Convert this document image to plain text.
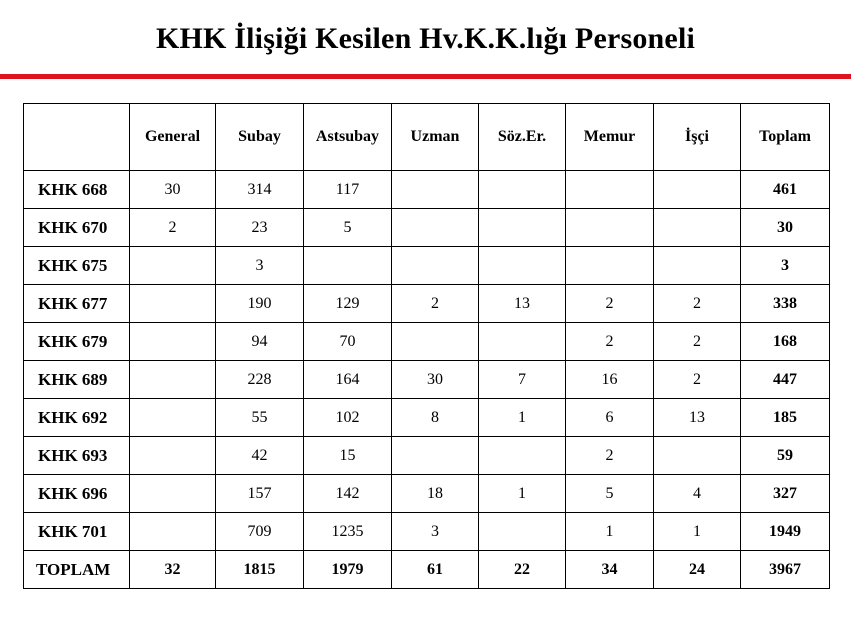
KHK İlişiği Kesilen Hv.K.K.lığı Personeli
	General	Subay	Astsubay	Uzman	Söz.Er.	Memur	İşçi	Toplam
KHK 668	30	314	117					461
KHK 670	2	23	5					30
KHK 675		3						3
KHK 677		190	129	2	13	2	2	338
KHK 679		94	70			2	2	168
KHK 689		228	164	30	7	16	2	447
KHK 692		55	102	8	1	6	13	185
KHK 693		42	15			2		59
KHK 696		157	142	18	1	5	4	327
KHK 701		709	1235	3		1	1	1949
TOPLAM	32	1815	1979	61	22	34	24	3967
